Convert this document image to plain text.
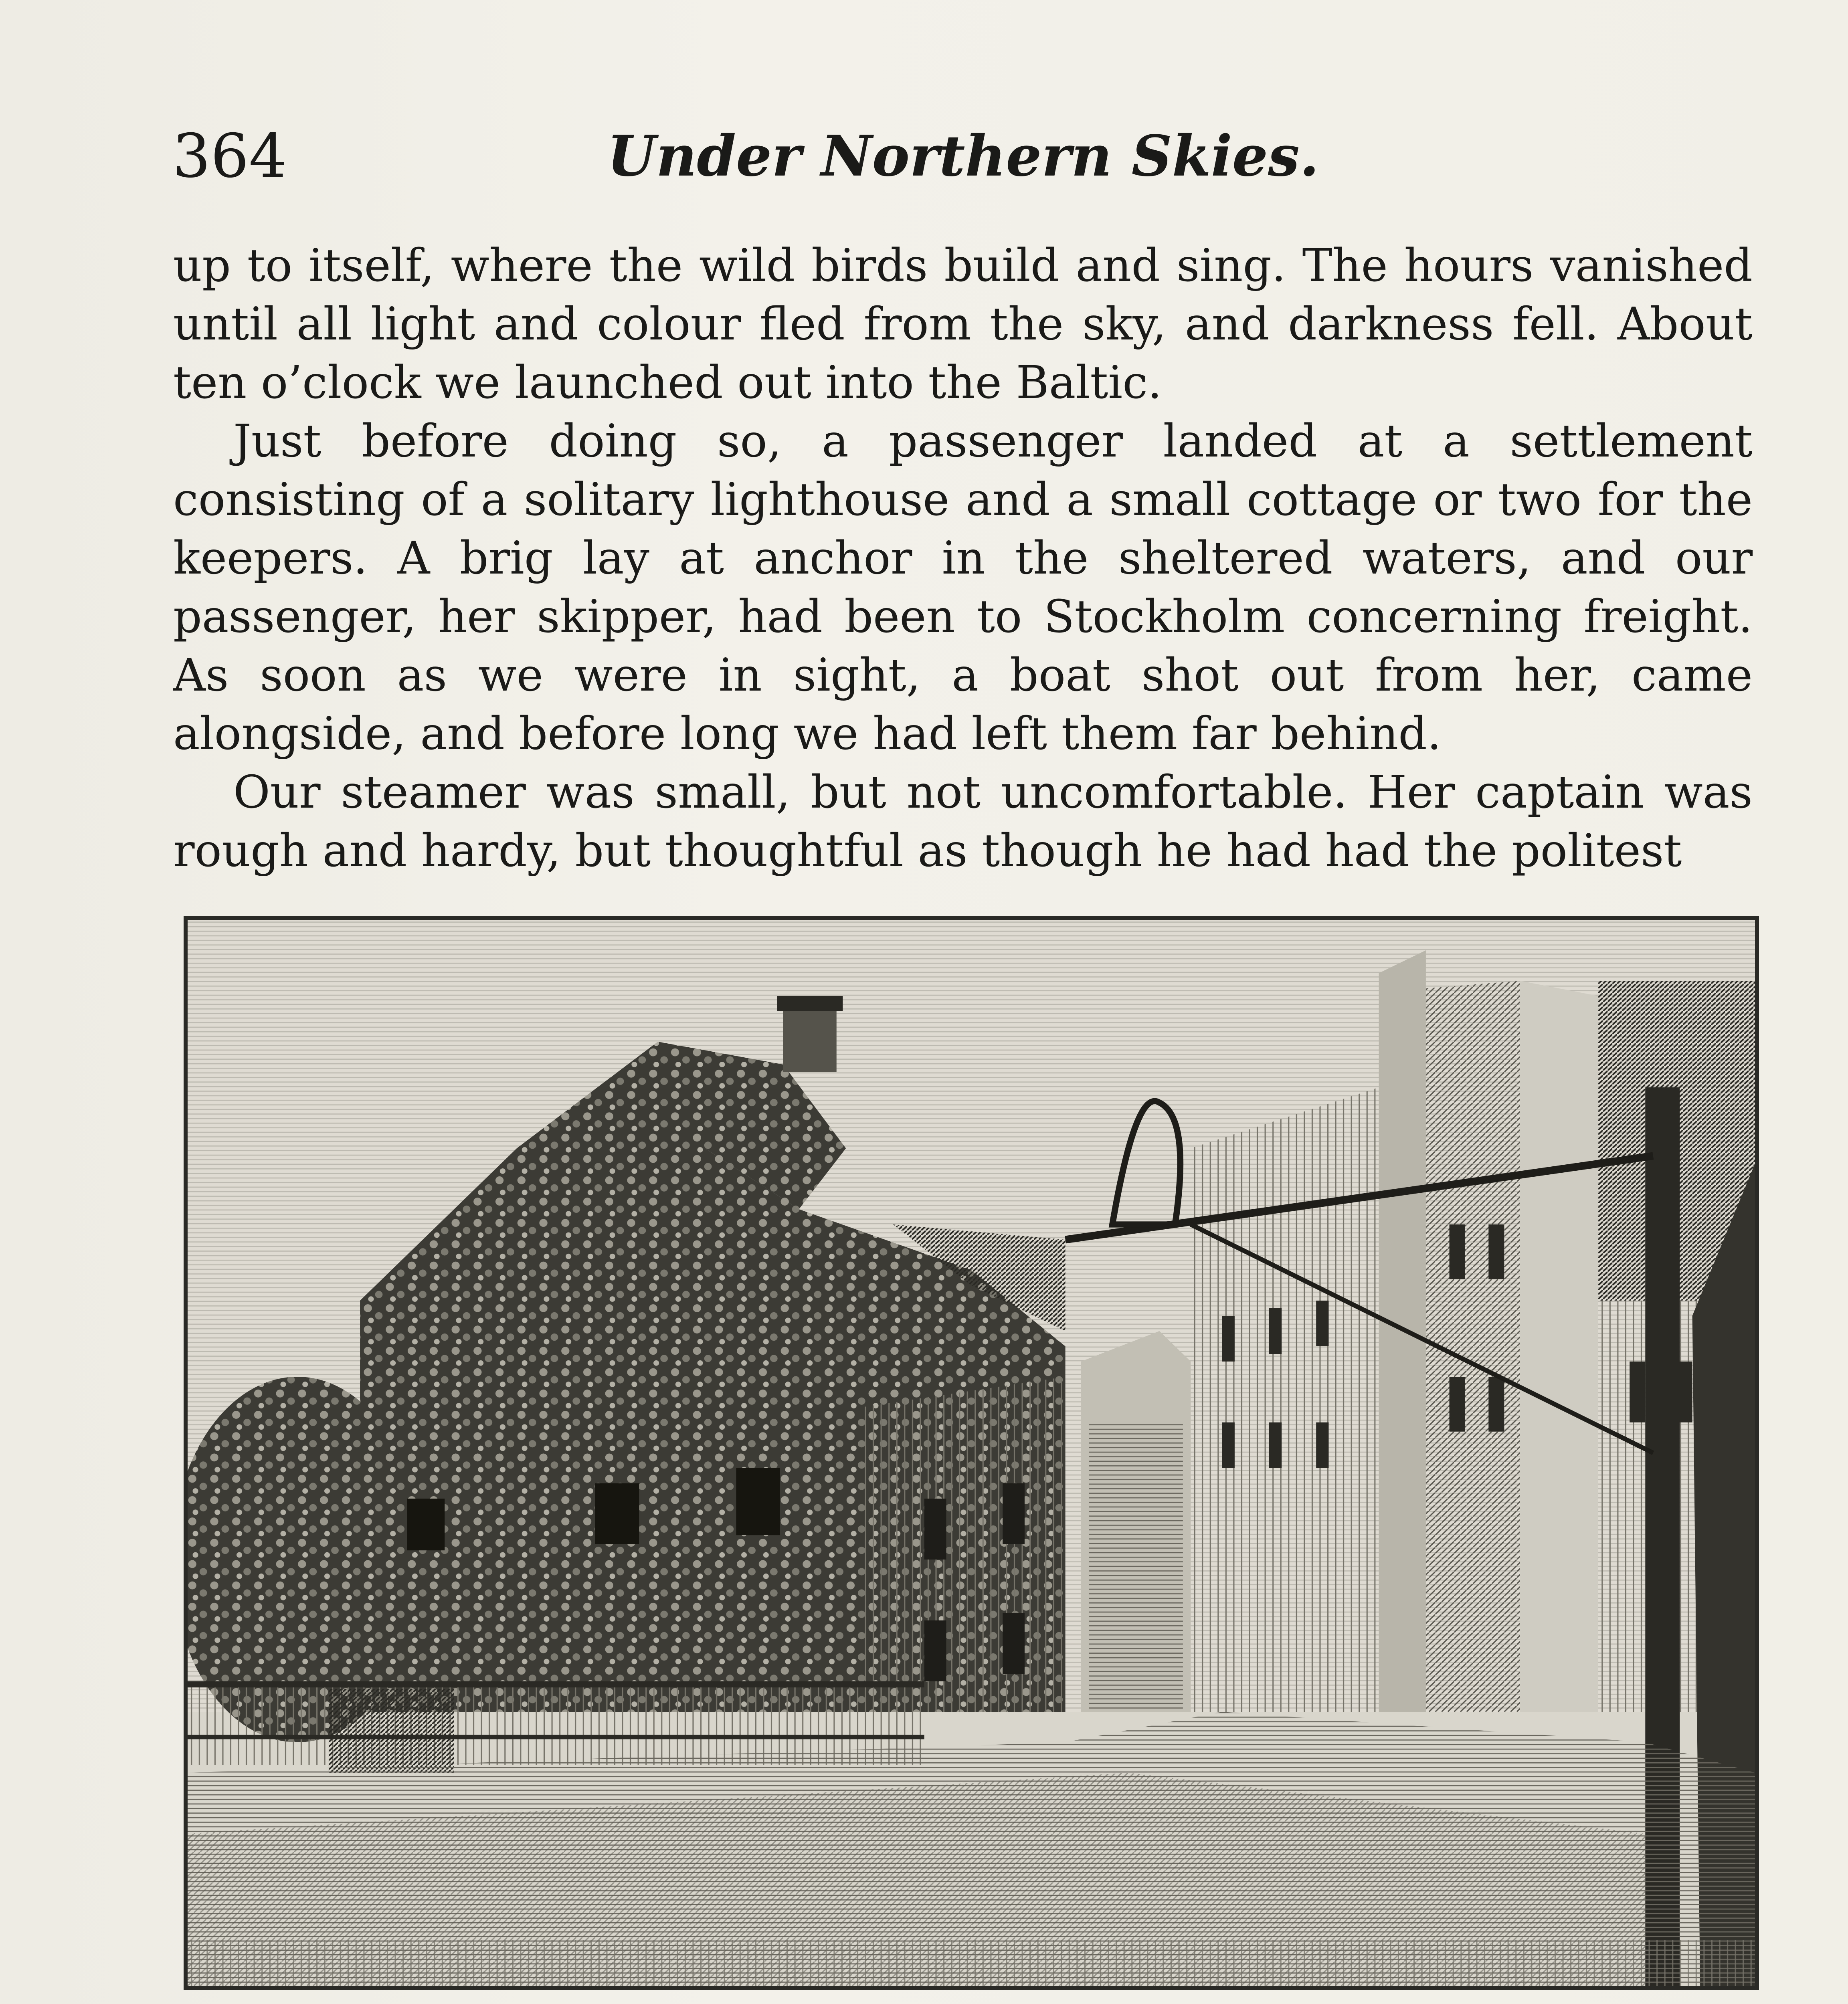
364	Under Northern Skies.

up to itself, where the wild birds build and sing. The hours vanished until all light and colour fled from the sky, and darkness fell. About ten o’clock we launched out into the Baltic.

Just before doing so, a passenger landed at a settlement consisting of a solitary lighthouse and a small cottage or two for the keepers. A brig lay at anchor in the sheltered waters, and our passenger, her skipper, had been to Stockholm concerning freight. As soon as we were in sight, a boat shot out from her, came alongside, and before long we had left them far behind.

Our steamer was small, but not uncomfortable. Her captain was rough and hardy, but thoughtful as though he had had the politest
